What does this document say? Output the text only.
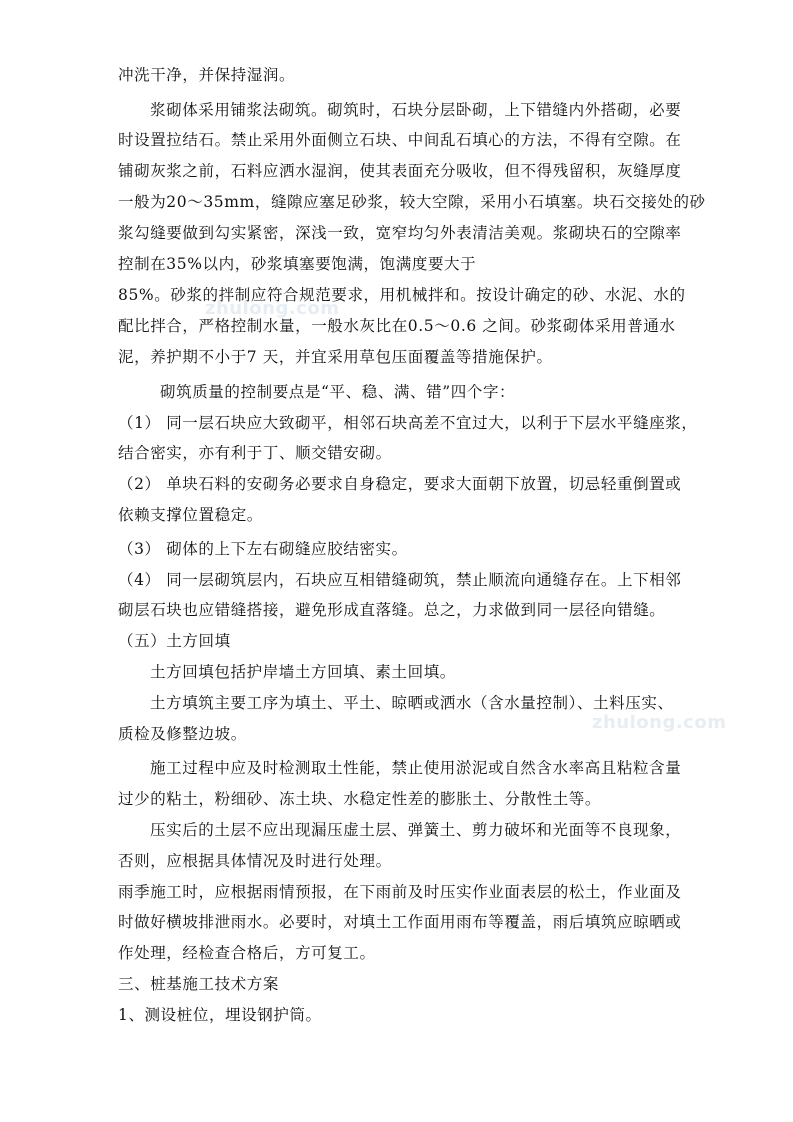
zhulong.com
zhulong.com
冲洗干净，并保持湿润。
浆砌体采用铺浆法砌筑。砌筑时，石块分层卧砌，上下错缝内外搭砌，必要
时设置拉结石。禁止采用外面侧立石块、中间乱石填心的方法，不得有空隙。在
铺砌灰浆之前，石料应洒水湿润，使其表面充分吸收，但不得残留积，灰缝厚度
一般为20～35mm，缝隙应塞足砂浆，较大空隙，采用小石填塞。块石交接处的砂
浆勾缝要做到勾实紧密，深浅一致，宽窄均匀外表清洁美观。浆砌块石的空隙率
控制在35%以内，砂浆填塞要饱满，饱满度要大于
85%。砂浆的拌制应符合规范要求，用机械拌和。按设计确定的砂、水泥、水的
配比拌合，严格控制水量，一般水灰比在0.5～0.6 之间。砂浆砌体采用普通水
泥，养护期不小于7 天，并宜采用草包压面覆盖等措施保护。
砌筑质量的控制要点是“平、稳、满、错”四个字：
（1） 同一层石块应大致砌平，相邻石块高差不宜过大，以利于下层水平缝座浆，
结合密实，亦有利于丁、顺交错安砌。
（2） 单块石料的安砌务必要求自身稳定，要求大面朝下放置，切忌轻重倒置或
依赖支撑位置稳定。
（3） 砌体的上下左右砌缝应胶结密实。
（4） 同一层砌筑层内，石块应互相错缝砌筑，禁止顺流向通缝存在。上下相邻
砌层石块也应错缝搭接，避免形成直落缝。总之，力求做到同一层径向错缝。
（五）土方回填
土方回填包括护岸墙土方回填、素土回填。
土方填筑主要工序为填土、平土、晾晒或洒水（含水量控制）、土料压实、
质检及修整边坡。
施工过程中应及时检测取土性能，禁止使用淤泥或自然含水率高且粘粒含量
过少的粘土，粉细砂、冻土块、水稳定性差的膨胀土、分散性土等。
压实后的土层不应出现漏压虚土层、弹簧土、剪力破坏和光面等不良现象，
否则，应根据具体情况及时进行处理。
雨季施工时，应根据雨情预报，在下雨前及时压实作业面表层的松土，作业面及
时做好横坡排泄雨水。必要时，对填土工作面用雨布等覆盖，雨后填筑应晾晒或
作处理，经检查合格后，方可复工。
三、桩基施工技术方案
1、测设桩位，埋设钢护筒。
